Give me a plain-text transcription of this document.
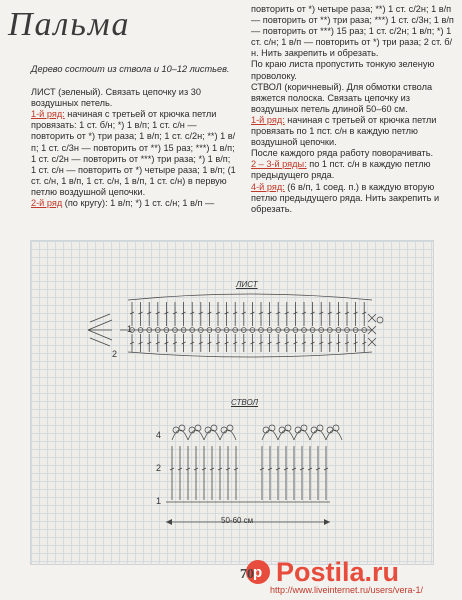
Пальма

Дерево состоит из ствола и 10–12 листьев.

ЛИСТ (зеленый). Связать цепочку из 30 воздушных петель.

1-й ряд: начиная с третьей от крючка петли провязать: 1 ст. б/н; *) 1 в/п; 1 ст. с/н — повторить от *) три раза; 1 в/п; 1 ст. с/2н; **) 1 в/п; 1 ст. с/3н — повторить от **) 15 раз; ***) 1 в/п; 1 ст. с/2н — повторить от ***) три раза; *) 1 в/п; 1 ст. с/н — повторить от *) четыре раза; 1 в/п; (1 ст. с/н, 1 в/п, 1 ст. с/н, 1 в/п, 1 ст. с/н) в первую петлю воздушной цепочки.

2-й ряд (по кругу): 1 в/п; *) 1 ст. с/н; 1 в/п —

повторить от *) четыре раза; **) 1 ст. с/2н; 1 в/п — повторить от **) три раза; ***) 1 ст. с/3н; 1 в/п — повторить от ***) 15 раз; 1 ст. с/2н; 1 в/п; *) 1 ст. с/н; 1 в/п — повторить от *) три раза; 2 ст. б/н. Нить закрепить и обрезать.

По краю листа пропустить тонкую зеленую проволоку.

СТВОЛ (коричневый). Для обмотки ствола вяжется полоска. Связать цепочку из воздушных петель длиной 50–60 см.

1-й ряд: начиная с третьей от крючка петли провязать по 1 пст. с/н в каждую петлю воздушной цепочки.

После каждого ряда работу поворачивать.

2 – 3-й ряды: по 1 пст. с/н в каждую петлю предыдущего ряда.

4-й ряд: (6 в/п, 1 соед. п.) в каждую вторую петлю предыдущего ряда. Нить закрепить и обрезать.

p Postila.ru
ЛИСТ
СТВОЛ
1
2
4
2
1
50-60 см
70
http://www.liveinternet.ru/users/vera-1/
